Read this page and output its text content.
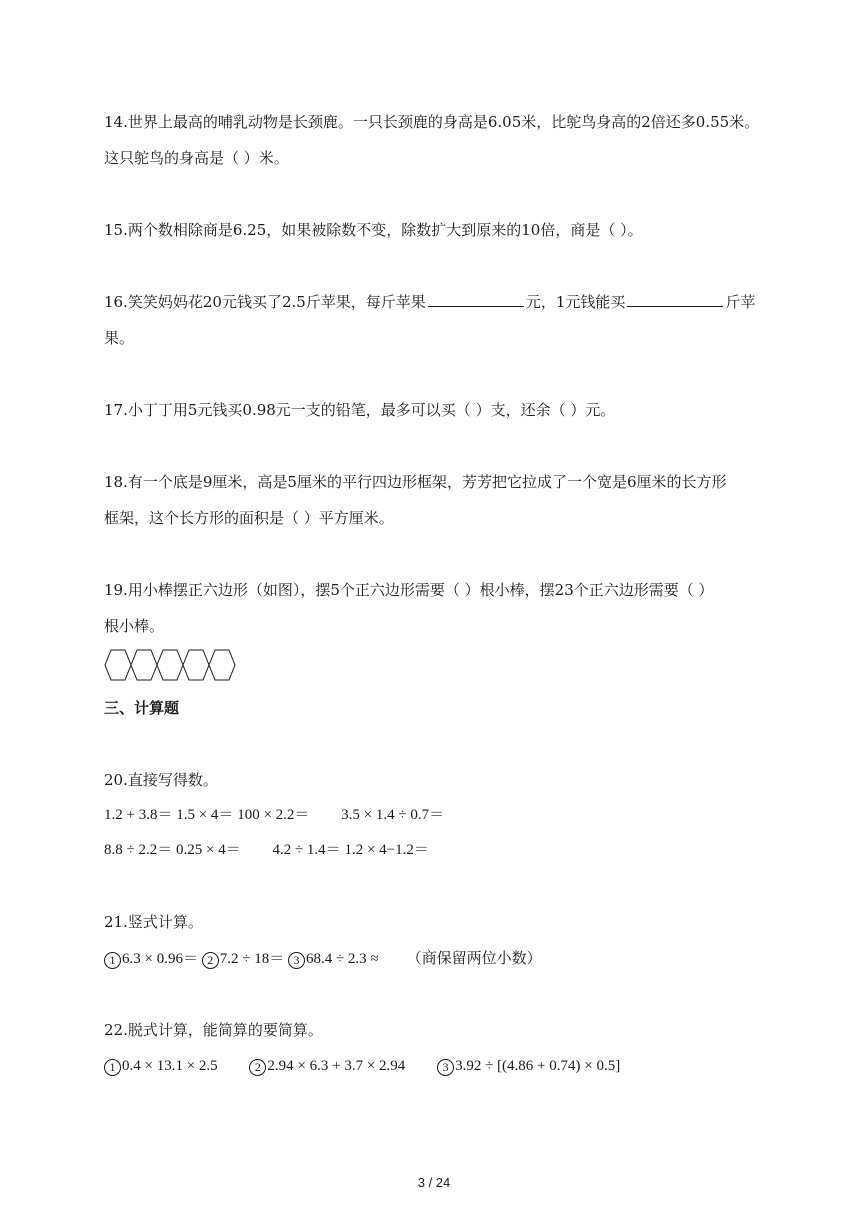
14.世界上最高的哺乳动物是长颈鹿。一只长颈鹿的身高是6.05米，比鸵鸟身高的2倍还多0.55米。
这只鸵鸟的身高是（ ）米。
15.两个数相除商是6.25，如果被除数不变，除数扩大到原来的10倍，商是（ ）。
16.笑笑妈妈花20元钱买了2.5斤苹果，每斤苹果	元，1元钱能买	斤苹
果。
17.小丁丁用5元钱买0.98元一支的铅笔，最多可以买（ ）支，还余（ ）元。
18.有一个底是9厘米，高是5厘米的平行四边形框架，芳芳把它拉成了一个宽是6厘米的长方形
框架，这个长方形的面积是（ ）平方厘米。
19.用小棒摆正六边形（如图），摆5个正六边形需要（ ）根小棒，摆23个正六边形需要（ ）
根小棒。
三、计算题
20.直接写得数。
1.2 + 3.8＝ 1.5 × 4＝ 100 × 2.2＝ 3.5 × 1.4 ÷ 0.7＝
8.8 ÷ 2.2＝ 0.25 × 4＝ 4.2 ÷ 1.4＝ 1.2 × 4−1.2＝
21.竖式计算。
1 6.3 × 0.96＝ 2 7.2 ÷ 18＝ 3 68.4 ÷ 2.3 ≈ （商保留两位小数）
22.脱式计算，能简算的要简算。
1 0.4 × 13.1 × 2.5	2 2.94 × 6.3 + 3.7 × 2.94	3 3.92 ÷ [(4.86 + 0.74) × 0.5]
3 / 24
